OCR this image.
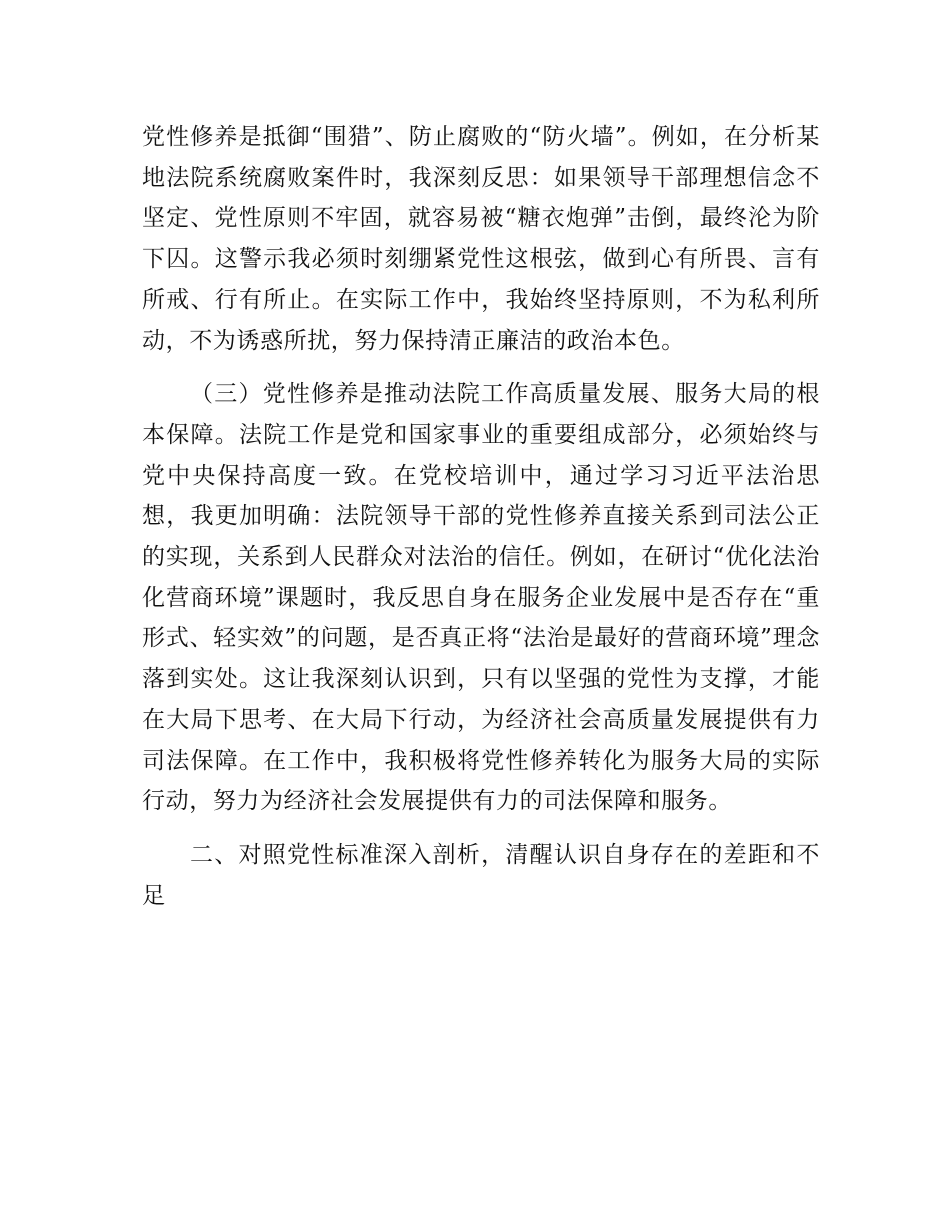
党性修养是抵御“围猎”、防止腐败的“防火墙”。例如，在分析某地法院系统腐败案件时，我深刻反思：如果领导干部理想信念不坚定、党性原则不牢固，就容易被“糖衣炮弹”击倒，最终沦为阶下囚。这警示我必须时刻绷紧党性这根弦，做到心有所畏、言有所戒、行有所止。在实际工作中，我始终坚持原则，不为私利所动，不为诱惑所扰，努力保持清正廉洁的政治本色。

（三）党性修养是推动法院工作高质量发展、服务大局的根本保障。法院工作是党和国家事业的重要组成部分，必须始终与党中央保持高度一致。在党校培训中，通过学习习近平法治思想，我更加明确：法院领导干部的党性修养直接关系到司法公正的实现，关系到人民群众对法治的信任。例如，在研讨“优化法治化营商环境”课题时，我反思自身在服务企业发展中是否存在“重形式、轻实效”的问题，是否真正将“法治是最好的营商环境”理念落到实处。这让我深刻认识到，只有以坚强的党性为支撑，才能在大局下思考、在大局下行动，为经济社会高质量发展提供有力司法保障。在工作中，我积极将党性修养转化为服务大局的实际行动，努力为经济社会发展提供有力的司法保障和服务。

二、对照党性标准深入剖析，清醒认识自身存在的差距和不足
